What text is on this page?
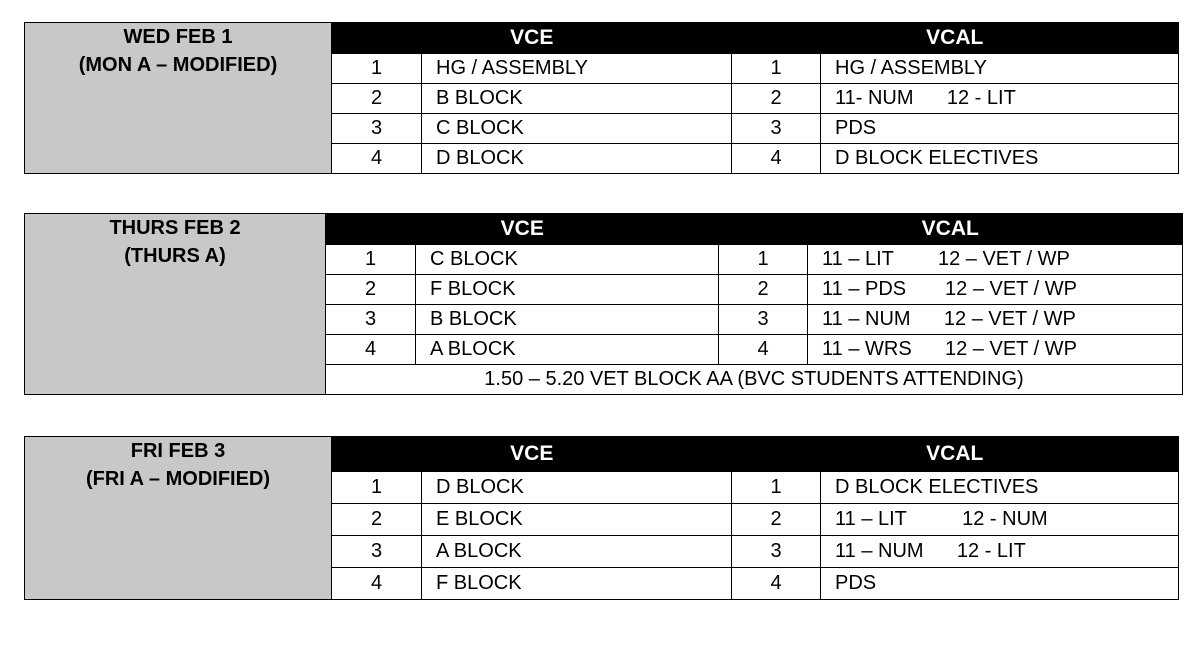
WED FEB 1
(MON A – MODIFIED)	VCE		VCAL	
	1	HG / ASSEMBLY	1	HG / ASSEMBLY
	2	B BLOCK	2	11- NUM      12 - LIT
	3	C BLOCK	3	PDS
	4	D BLOCK	4	D BLOCK ELECTIVES
THURS FEB 2
(THURS A)	VCE		VCAL	
	1	C BLOCK	1	11 – LIT        12 – VET / WP
	2	F BLOCK	2	11 – PDS       12 – VET / WP
	3	B BLOCK	3	11 – NUM      12 – VET / WP
	4	A BLOCK	4	11 – WRS      12 – VET / WP
	1.50 – 5.20 VET BLOCK AA (BVC STUDENTS ATTENDING)			
FRI FEB 3
(FRI A – MODIFIED)	VCE		VCAL	
	1	D BLOCK	1	D BLOCK ELECTIVES
	2	E BLOCK	2	11 – LIT          12 - NUM
	3	A BLOCK	3	11 – NUM      12 - LIT
	4	F BLOCK	4	PDS
